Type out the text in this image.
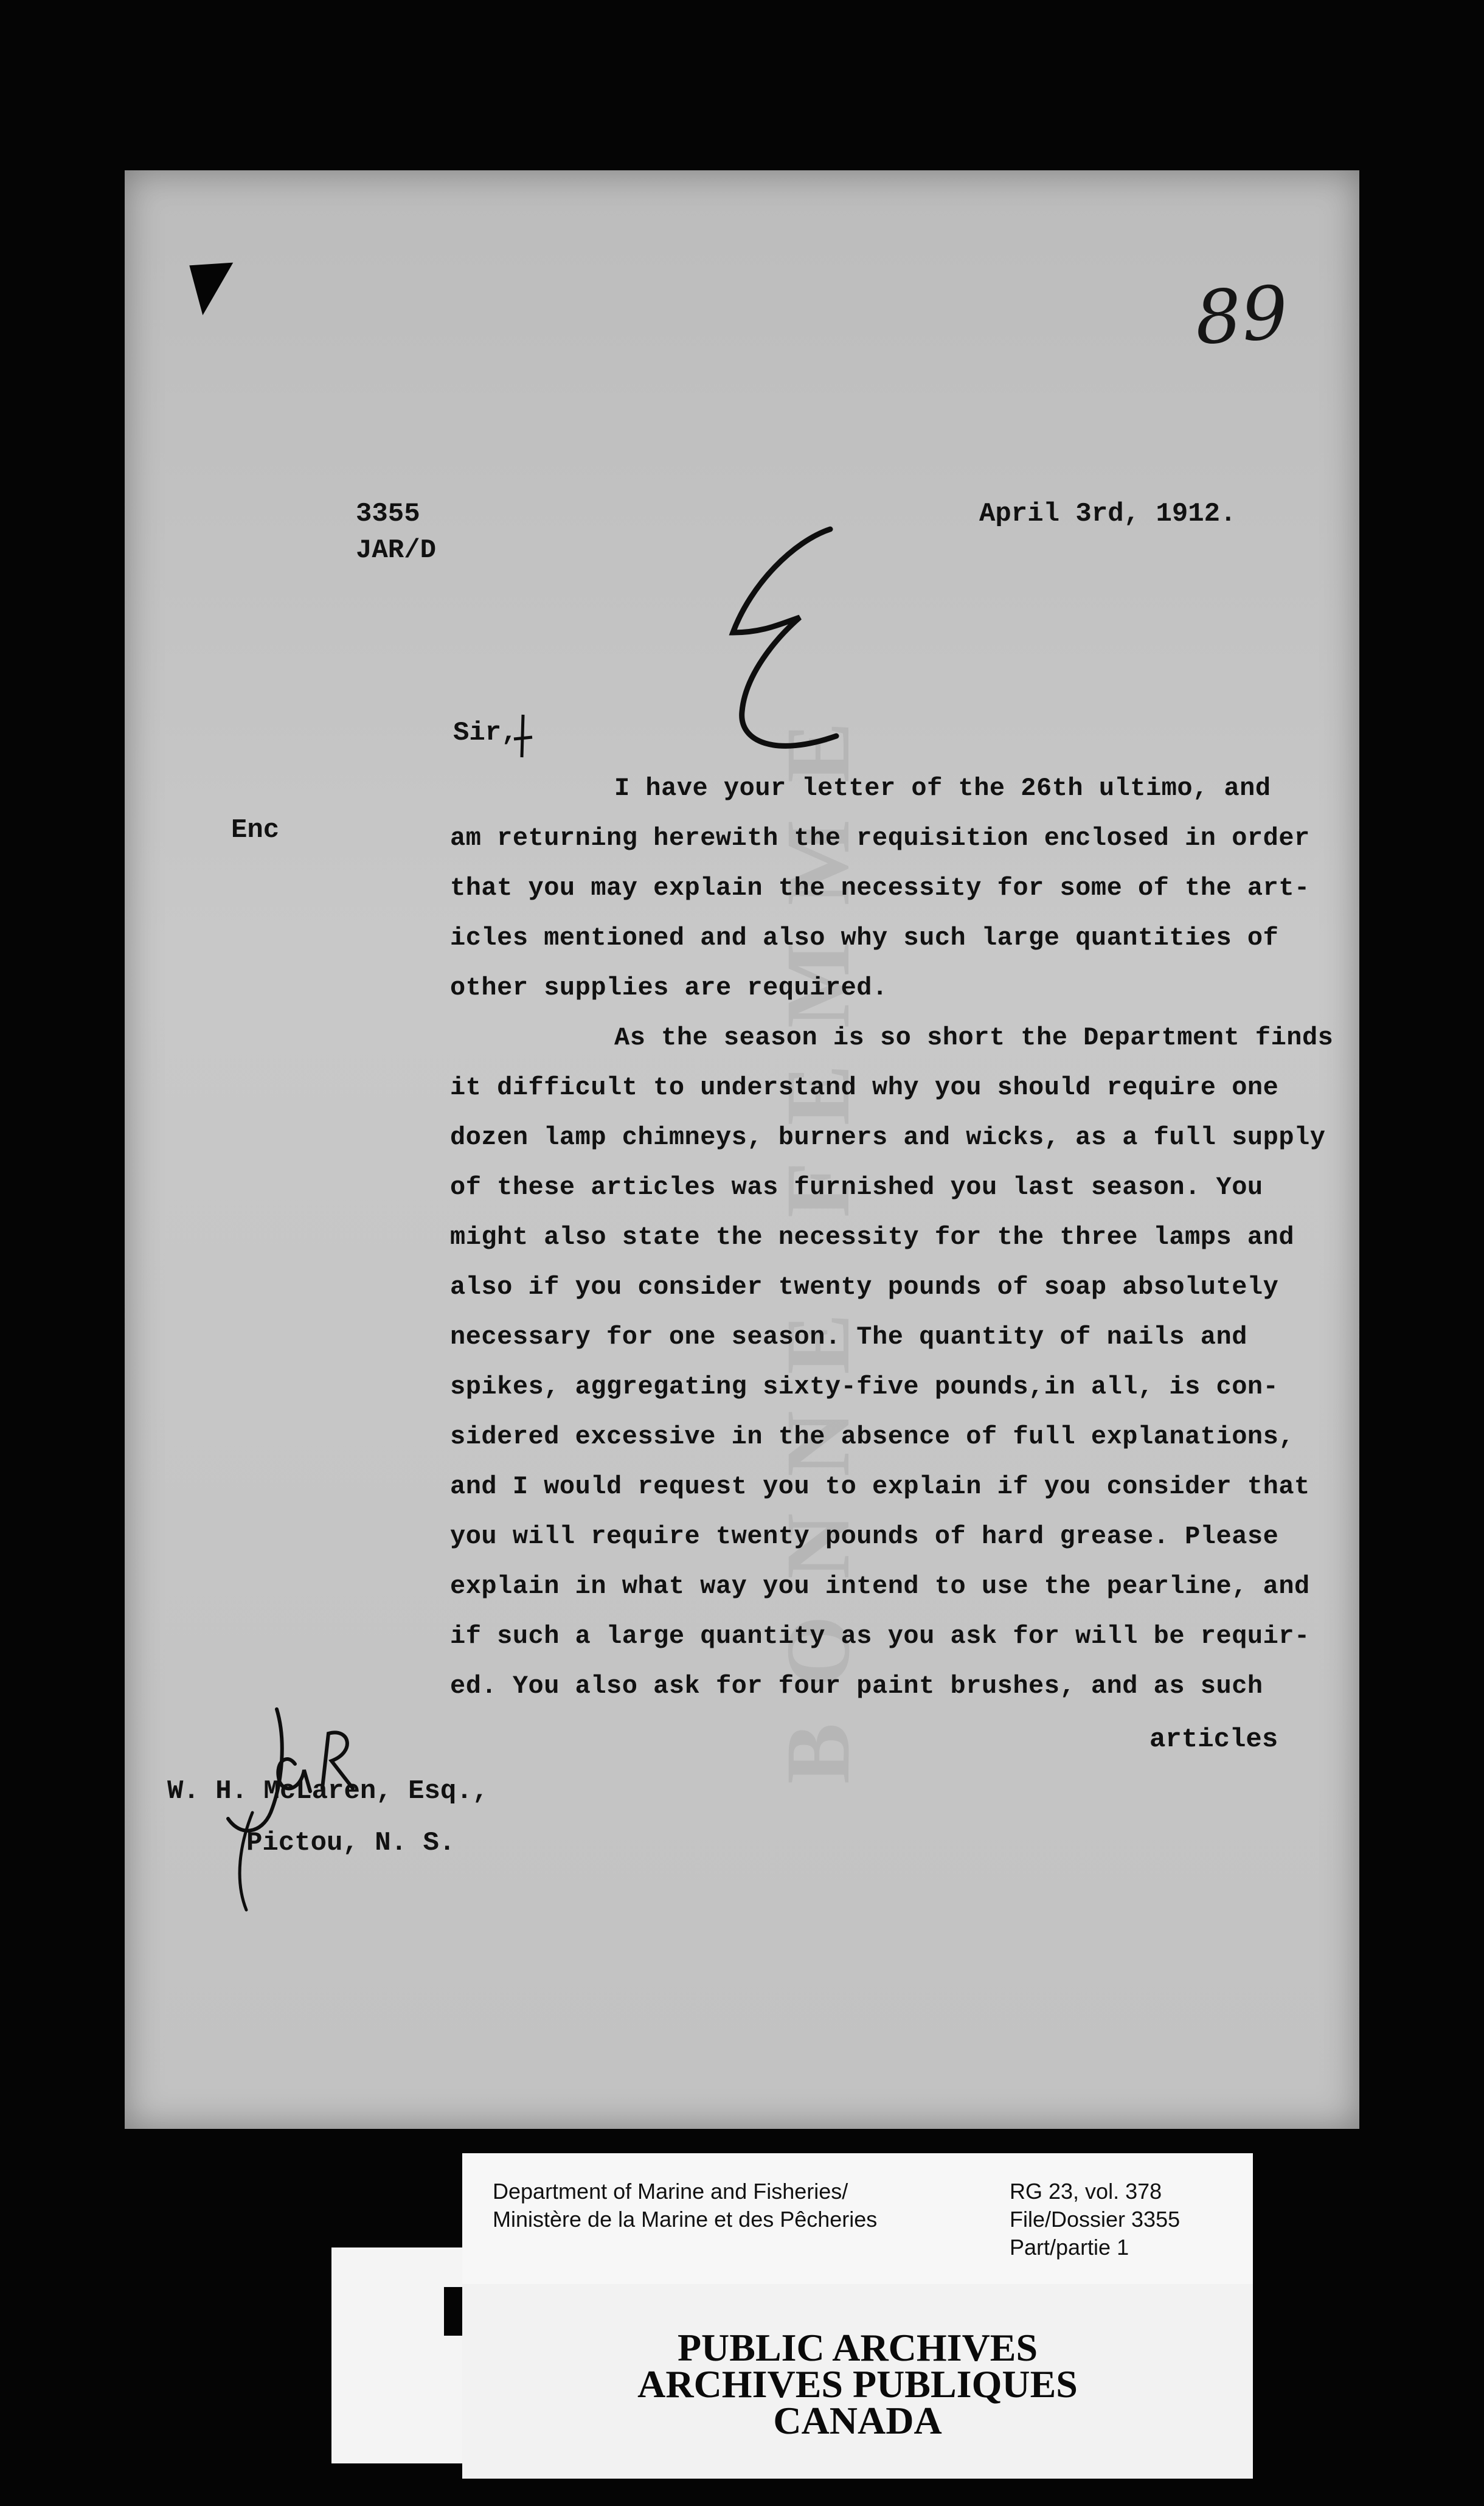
BONNE FEMME
89
3355
JAR/D
April 3rd, 1912.
Sir,
Enc
I have your letter of the 26th ultimo, and
am returning herewith the requisition enclosed in order
that you may explain the necessity for some of the art-
icles mentioned and also why such large quantities of
other supplies are required.
As the season is so short the Department finds
it difficult to understand why you should require one
dozen lamp chimneys, burners and wicks, as a full supply
of these articles was furnished you last season. You
might also state the necessity for the three lamps and
also if you consider twenty pounds of soap absolutely
necessary for one season. The quantity of nails and
spikes, aggregating sixty-five pounds,in all, is con-
sidered excessive in the absence of full explanations,
and I would request you to explain if you consider that
you will require twenty pounds of hard grease. Please
explain in what way you intend to use the pearline, and
if such a large quantity as you ask for will be requir-
ed. You also ask for four paint brushes, and as such
articles
W. H. McLaren, Esq.,
Pictou, N. S.
Department of Marine and Fisheries/
Ministère de la Marine et des Pêcheries
RG 23, vol. 378
File/Dossier 3355
Part/partie 1
PUBLIC ARCHIVES
ARCHIVES PUBLIQUES
CANADA
